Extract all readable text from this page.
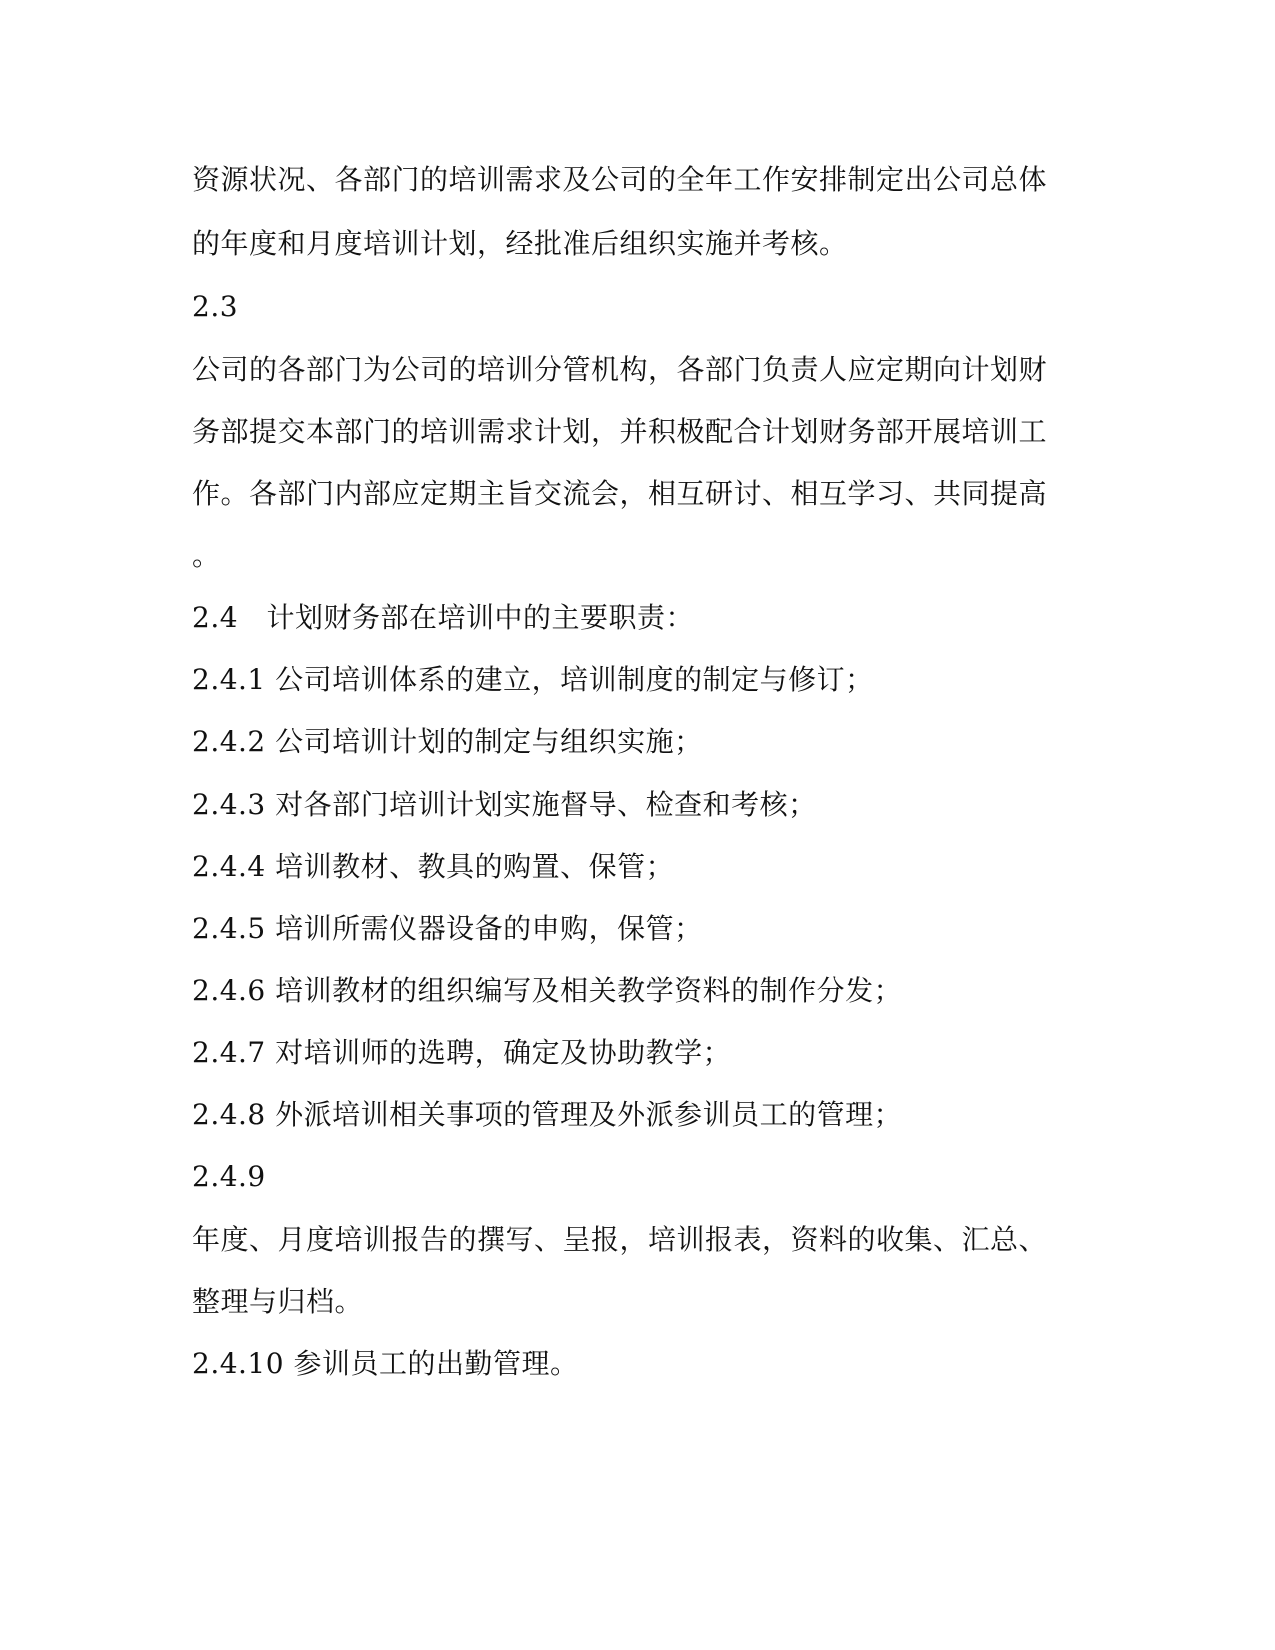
资源状况、各部门的培训需求及公司的全年工作安排制定出公司总体
的年度和月度培训计划，经批准后组织实施并考核。
2.3
公司的各部门为公司的培训分管机构，各部门负责人应定期向计划财
务部提交本部门的培训需求计划，并积极配合计划财务部开展培训工
作。各部门内部应定期主旨交流会，相互研讨、相互学习、共同提高
。
2.4　计划财务部在培训中的主要职责：
2.4.1 公司培训体系的建立，培训制度的制定与修订；
2.4.2 公司培训计划的制定与组织实施；
2.4.3 对各部门培训计划实施督导、检查和考核；
2.4.4 培训教材、教具的购置、保管；
2.4.5 培训所需仪器设备的申购，保管；
2.4.6 培训教材的组织编写及相关教学资料的制作分发；
2.4.7 对培训师的选聘，确定及协助教学；
2.4.8 外派培训相关事项的管理及外派参训员工的管理；
2.4.9
年度、月度培训报告的撰写、呈报，培训报表，资料的收集、汇总、
整理与归档。
2.4.10 参训员工的出勤管理。
